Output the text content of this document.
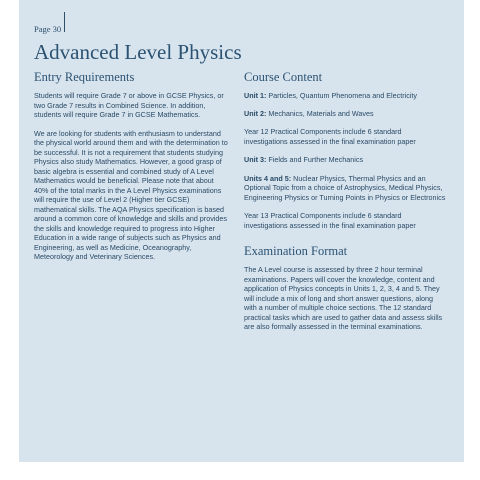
Page 30
Advanced Level Physics
Entry Requirements

Students will require Grade 7 or above in GCSE Physics, or two Grade 7 results in Combined Science. In addition, students will require Grade 7 in GCSE Mathematics.

We are looking for students with enthusiasm to understand the physical world around them and with the determination to be successful. It is not a requirement that students studying Physics also study Mathematics. However, a good grasp of basic algebra is essential and combined study of A Level Mathematics would be beneficial. Please note that about 40% of the total marks in the A Level Physics examinations will require the use of Level 2 (Higher tier GCSE) mathematical skills. The AQA Physics specification is based around a common core of knowledge and skills and provides the skills and knowledge required to progress into Higher Education in a wide range of subjects such as Physics and Engineering, as well as Medicine, Oceanography, Meteorology and Veterinary Sciences.

Course Content

Unit 1: Particles, Quantum Phenomena and Electricity

Unit 2: Mechanics, Materials and Waves

Year 12 Practical Components include 6 standard investigations assessed in the final examination paper

Unit 3: Fields and Further Mechanics

Units 4 and 5: Nuclear Physics, Thermal Physics and an Optional Topic from a choice of Astrophysics, Medical Physics, Engineering Physics or Turning Points in Physics or Electronics

Year 13 Practical Components include 6 standard investigations assessed in the final examination paper

Examination Format

The A Level course is assessed by three 2 hour terminal examinations. Papers will cover the knowledge, content and application of Physics concepts in Units 1, 2, 3, 4 and 5. They will include a mix of long and short answer questions, along with a number of multiple choice sections. The 12 standard practical tasks which are used to gather data and assess skills are also formally assessed in the terminal examinations.
